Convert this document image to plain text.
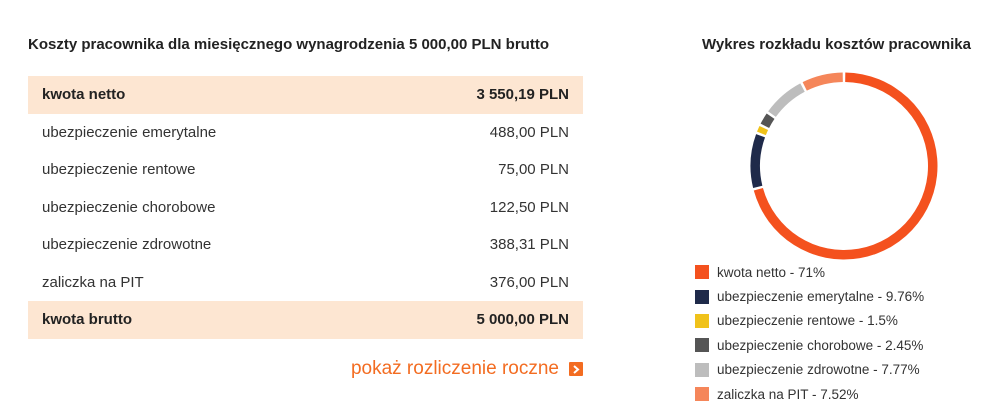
Koszty pracownika dla miesięcznego wynagrodzenia 5 000,00 PLN brutto
kwota netto	3 550,19 PLN
ubezpieczenie emerytalne	488,00 PLN
ubezpieczenie rentowe	75,00 PLN
ubezpieczenie chorobowe	122,50 PLN
ubezpieczenie zdrowotne	388,31 PLN
zaliczka na PIT	376,00 PLN
kwota brutto	5 000,00 PLN
pokaż rozliczenie roczne
Wykres rozkładu kosztów pracownika
kwota netto - 71%
ubezpieczenie emerytalne - 9.76%
ubezpieczenie rentowe - 1.5%
ubezpieczenie chorobowe - 2.45%
ubezpieczenie zdrowotne - 7.77%
zaliczka na PIT - 7.52%
